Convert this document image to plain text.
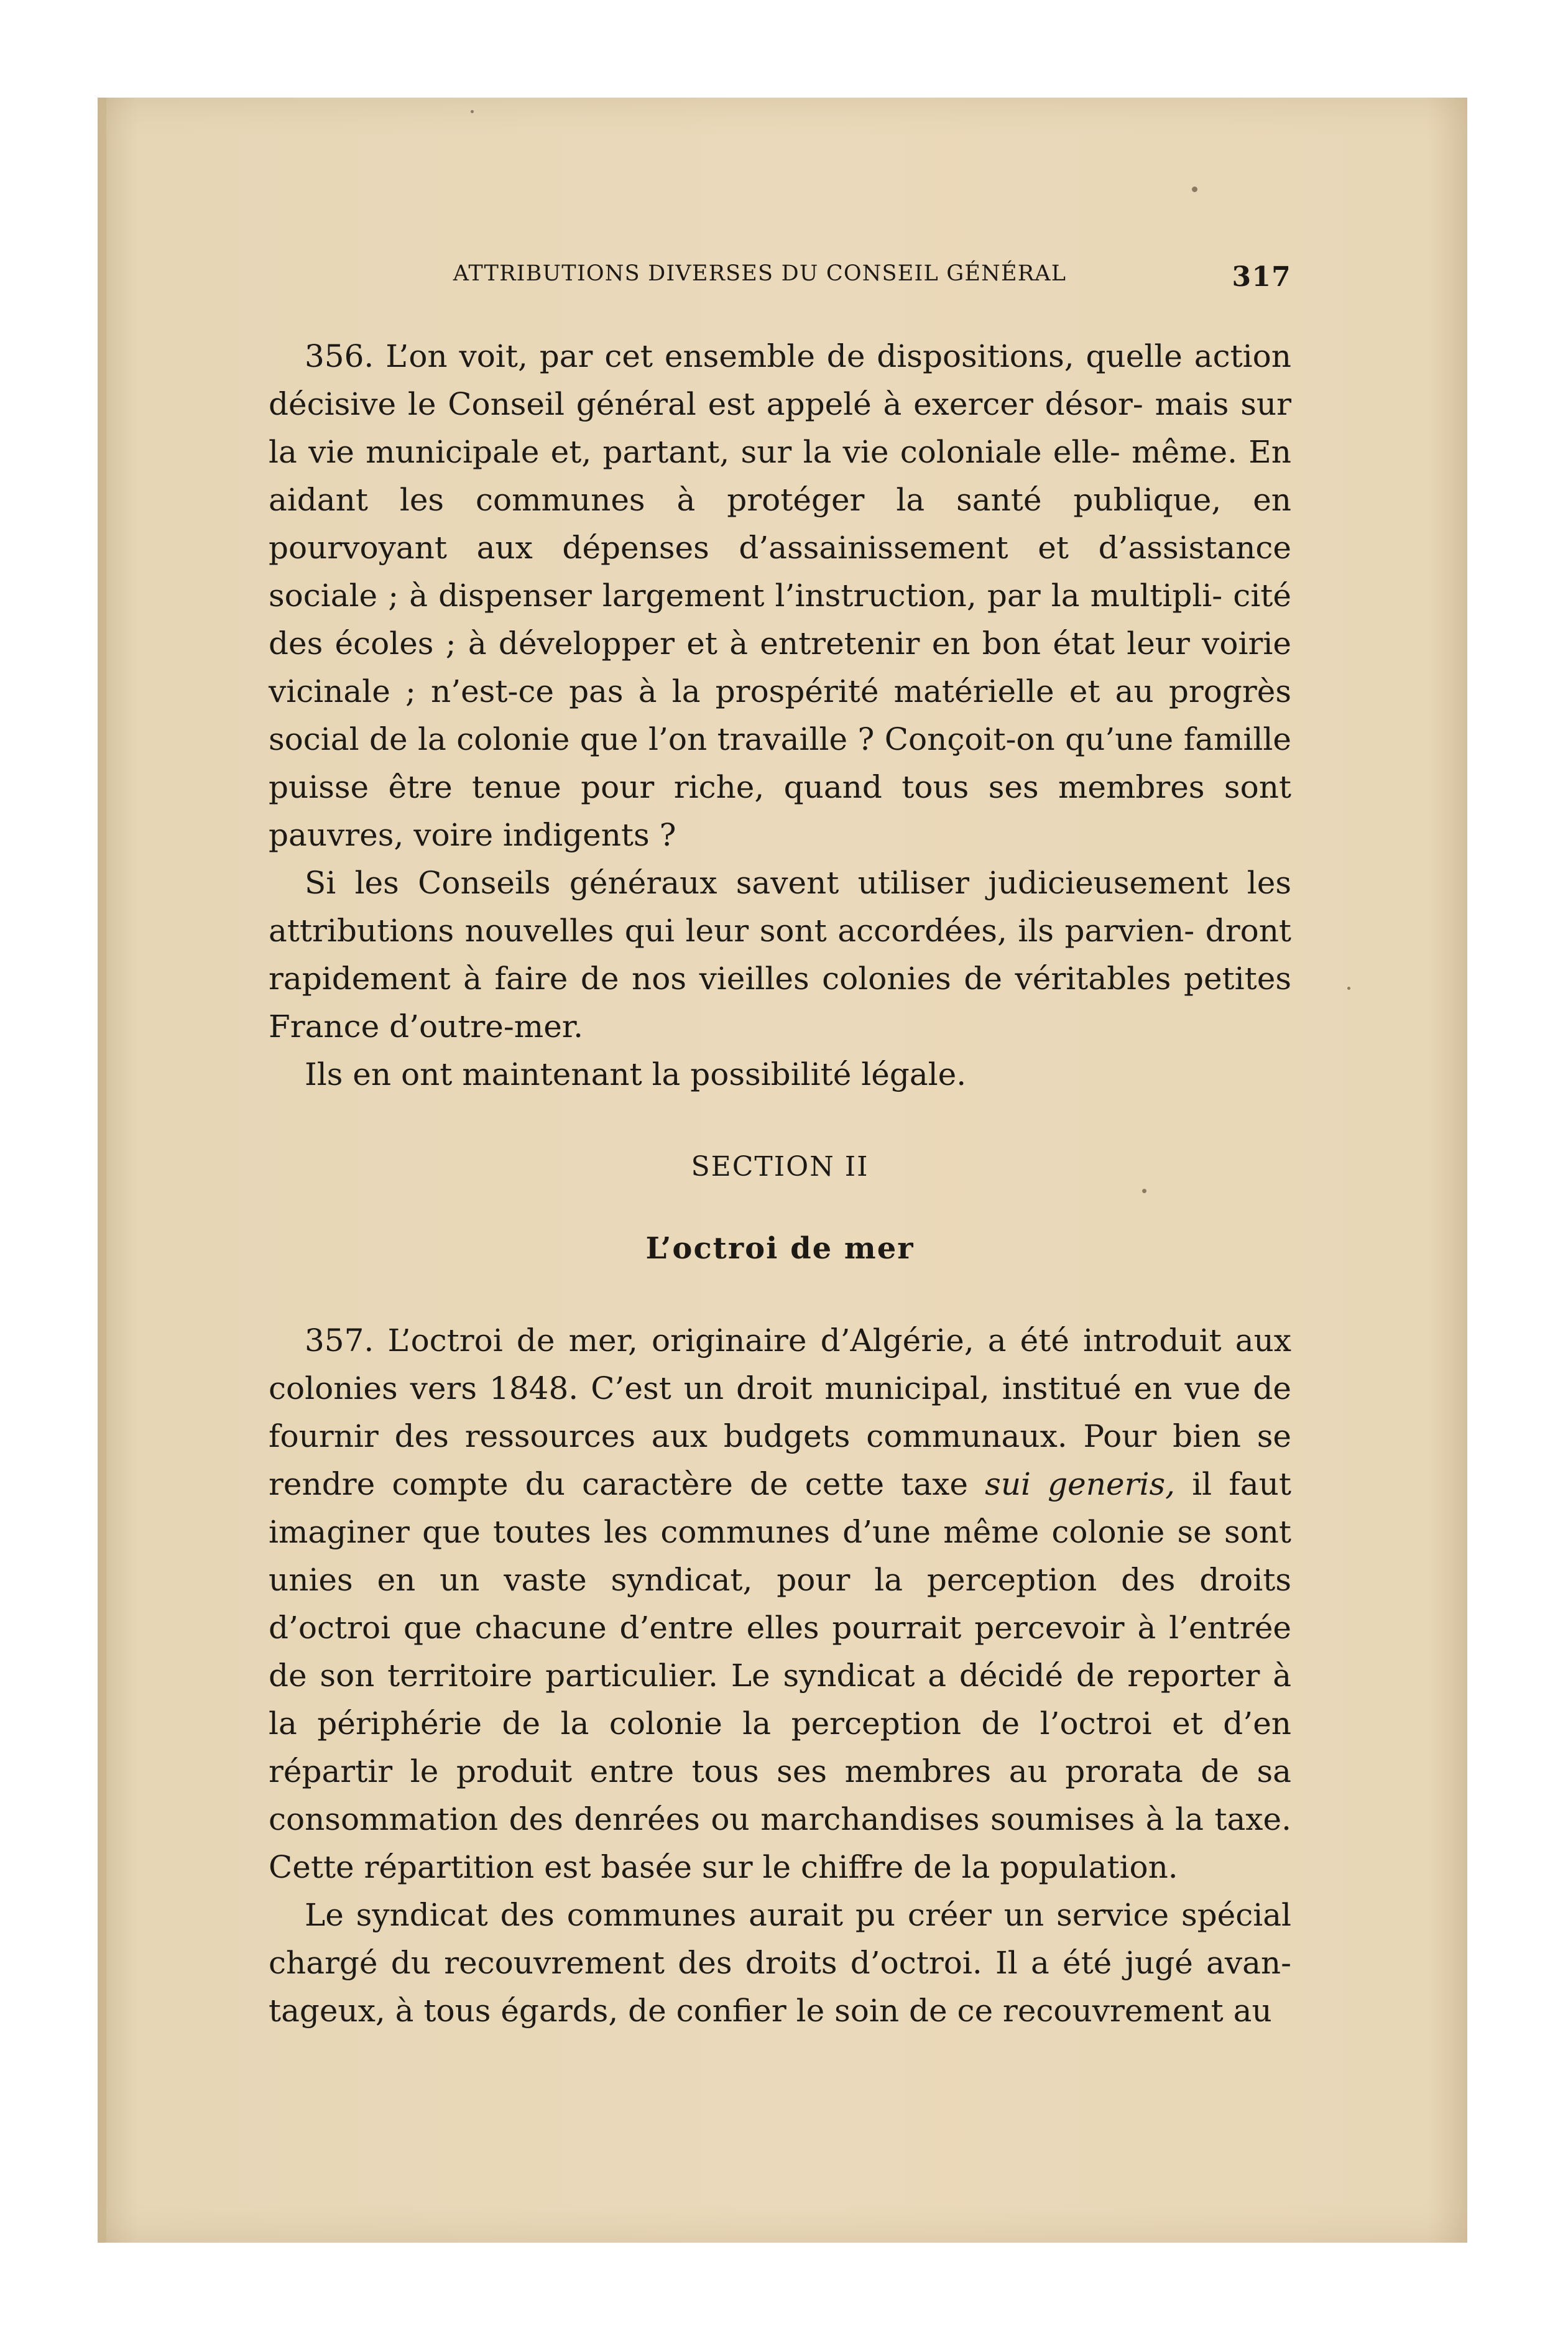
ATTRIBUTIONS DIVERSES DU CONSEIL GÉNÉRAL	317

356. L’on voit, par cet ensemble de dispositions, quelle action décisive le Conseil général est appelé à exercer désor- mais sur la vie municipale et, partant, sur la vie coloniale elle- même. En aidant les communes à protéger la santé publique, en pourvoyant aux dépenses d’assainissement et d’assistance sociale ; à dispenser largement l’instruction, par la multipli- cité des écoles ; à développer et à entretenir en bon état leur voirie vicinale ; n’est-ce pas à la prospérité matérielle et au progrès social de la colonie que l’on travaille ? Conçoit-on qu’une famille puisse être tenue pour riche, quand tous ses membres sont pauvres, voire indigents ?

Si les Conseils généraux savent utiliser judicieusement les attributions nouvelles qui leur sont accordées, ils parvien- dront rapidement à faire de nos vieilles colonies de véritables petites France d’outre-mer.

Ils en ont maintenant la possibilité légale.

SECTION II

L’octroi de mer

357. L’octroi de mer, originaire d’Algérie, a été introduit aux colonies vers 1848. C’est un droit municipal, institué en vue de fournir des ressources aux budgets communaux. Pour bien se rendre compte du caractère de cette taxe sui generis, il faut imaginer que toutes les communes d’une même colonie se sont unies en un vaste syndicat, pour la perception des droits d’octroi que chacune d’entre elles pourrait percevoir à l’entrée de son territoire particulier. Le syndicat a décidé de reporter à la périphérie de la colonie la perception de l’octroi et d’en répartir le produit entre tous ses membres au prorata de sa consommation des denrées ou marchandises soumises à la taxe. Cette répartition est basée sur le chiffre de la population.

Le syndicat des communes aurait pu créer un service spécial chargé du recouvrement des droits d’octroi. Il a été jugé avan- tageux, à tous égards, de confier le soin de ce recouvrement au
